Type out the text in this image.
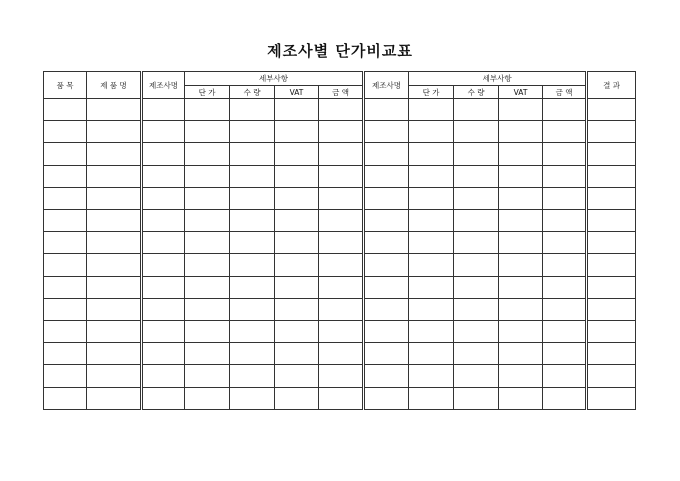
제조사별 단가비교표
품 목	제 품 명	제조사명	세부사항				제조사명	세부사항				결 과
			단 가	수 량	VAT	금 액		단 가	수 량	VAT	금 액	
